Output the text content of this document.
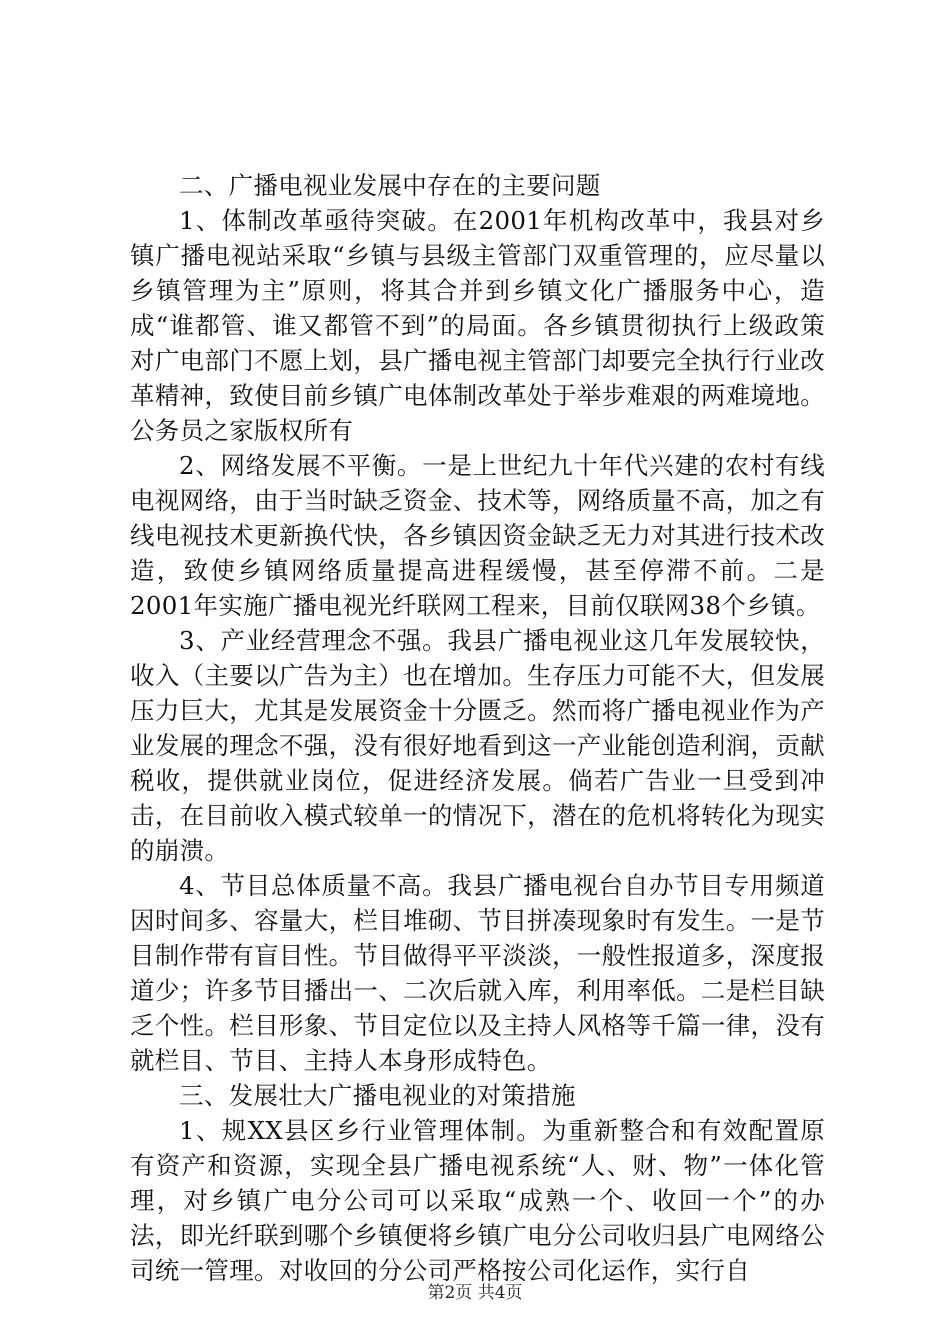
二、广播电视业发展中存在的主要问题

1、体制改革亟待突破。在2001年机构改革中，我县对乡镇广播电视站采取“乡镇与县级主管部门双重管理的，应尽量以乡镇管理为主”原则，将其合并到乡镇文化广播服务中心，造成“谁都管、谁又都管不到”的局面。各乡镇贯彻执行上级政策对广电部门不愿上划，县广播电视主管部门却要完全执行行业改革精神，致使目前乡镇广电体制改革处于举步难艰的两难境地。公务员之家版权所有

2、网络发展不平衡。一是上世纪九十年代兴建的农村有线电视网络，由于当时缺乏资金、技术等，网络质量不高，加之有线电视技术更新换代快，各乡镇因资金缺乏无力对其进行技术改造，致使乡镇网络质量提高进程缓慢，甚至停滞不前。二是2001年实施广播电视光纤联网工程来，目前仅联网38个乡镇。

3、产业经营理念不强。我县广播电视业这几年发展较快，收入（主要以广告为主）也在增加。生存压力可能不大，但发展压力巨大，尤其是发展资金十分匮乏。然而将广播电视业作为产业发展的理念不强，没有很好地看到这一产业能创造利润，贡献税收，提供就业岗位，促进经济发展。倘若广告业一旦受到冲击，在目前收入模式较单一的情况下，潜在的危机将转化为现实的崩溃。

4、节目总体质量不高。我县广播电视台自办节目专用频道因时间多、容量大，栏目堆砌、节目拼凑现象时有发生。一是节目制作带有盲目性。节目做得平平淡淡，一般性报道多，深度报道少；许多节目播出一、二次后就入库，利用率低。二是栏目缺乏个性。栏目形象、节目定位以及主持人风格等千篇一律，没有就栏目、节目、主持人本身形成特色。

三、发展壮大广播电视业的对策措施

1、规XX县区乡行业管理体制。为重新整合和有效配置原有资产和资源，实现全县广播电视系统“人、财、物”一体化管理，对乡镇广电分公司可以采取“成熟一个、收回一个”的办法，即光纤联到哪个乡镇便将乡镇广电分公司收归县广电网络公司统一管理。对收回的分公司严格按公司化运作，实行自

第2页 共4页
